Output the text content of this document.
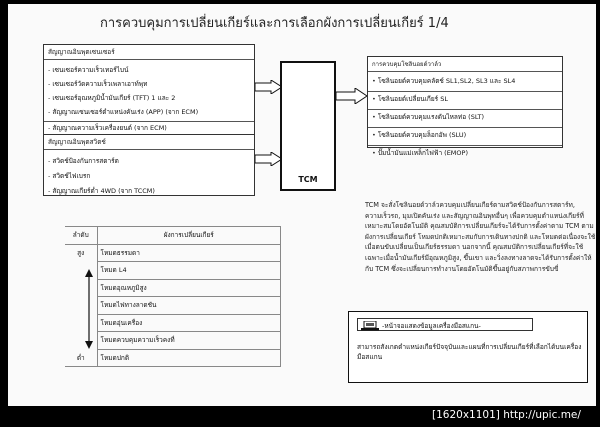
การควบคุมการเปลี่ยนเกียร์และการเลือกผังการเปลี่ยนเกียร์ 1/4
สัญญาณอินพุตเซนเซอร์
- เซนเซอร์ความเร็วเทอร์ไบน์
- เซนเซอร์วัดความเร็วเพลาเอาท์พุท
- เซนเซอร์อุณหภูมิน้ำมันเกียร์ (TFT) 1 และ 2
- สัญญาณเซนเซอร์ตำแหน่งคันเร่ง (APP) (จาก ECM)
- สัญญาณความเร็วเครื่องยนต์ (จาก ECM)
สัญญาณอินพุตสวิตช์
- สวิตช์ป้องกันการสตาร์ต
- สวิตช์ไฟเบรก
- สัญญาณเกียร์ต่ำ 4WD (จาก TCCM)
TCM
การควบคุมโซลินอยด์วาล์ว
• โซลินอยด์ควบคุมคลัตช์ SL1,SL2, SL3 และ SL4
• โซลินอยด์เปลี่ยนเกียร์ SL
• โซลินอยด์ควบคุมแรงดันไหลท่อ (SLT)
• โซลินอยด์ควบคุมล็อกอัพ (SLU)
• ปั๊มน้ำมันแม่เหล็กไฟฟ้า (EMOP)
TCM จะสั่งโซลินอยด์วาล์วควบคุมเปลี่ยนเกียร์ตามสวิตช์ป้องกันการสตาร์ท, ความเร็วรถ, มุมเปิดคันเร่ง และสัญญาณอินพุทอื่นๆ เพื่อควบคุมตำแหน่งเกียร์ที่เหมาะสมโดยอัตโนมัติ คุณสมบัติการเปลี่ยนเกียร์จะได้รับการตั้งค่าตาม TCM ตามผังการเปลี่ยนเกียร์ โหมดปกติเหมาะสมกับการเดินทางปกติ และโหมดต่อเนื่องจะใช้เมื่อตนขับเปลี่ยนเป็นเกียร์ธรรมดา นอกจากนี้ คุณสมบัติการเปลี่ยนเกียร์ที่จะใช้เฉพาะเมื่อน้ำมันเกียร์มีอุณหภูมิสูง, ขึ้นเขา และวิ่งลงทางลาดจะได้รับการตั้งค่าให้กับ TCM ซึ่งจะเปลี่ยนการทำงานโดยอัตโนมัติขึ้นอยู่กับสภาพการขับขี่
ลำดับ	ผังการเปลี่ยนเกียร์
สูง	โหมดธรรมดา
	โหมด L4
	โหมดอุณหภูมิสูง
	โหมดไฟทางลาดชัน
	โหมดอุ่นเครื่อง
	โหมดควบคุมความเร็วคงที่
ต่ำ	โหมดปกติ
-หน้าจอแสดงข้อมูลเครื่องมือสแกน-
สามารถสังเกตตำแหน่งเกียร์ปัจจุบันและแผนที่การเปลี่ยนเกียร์ที่เลือกได้บนเครื่องมือสแกน
[1620x1101] http://upic.me/
